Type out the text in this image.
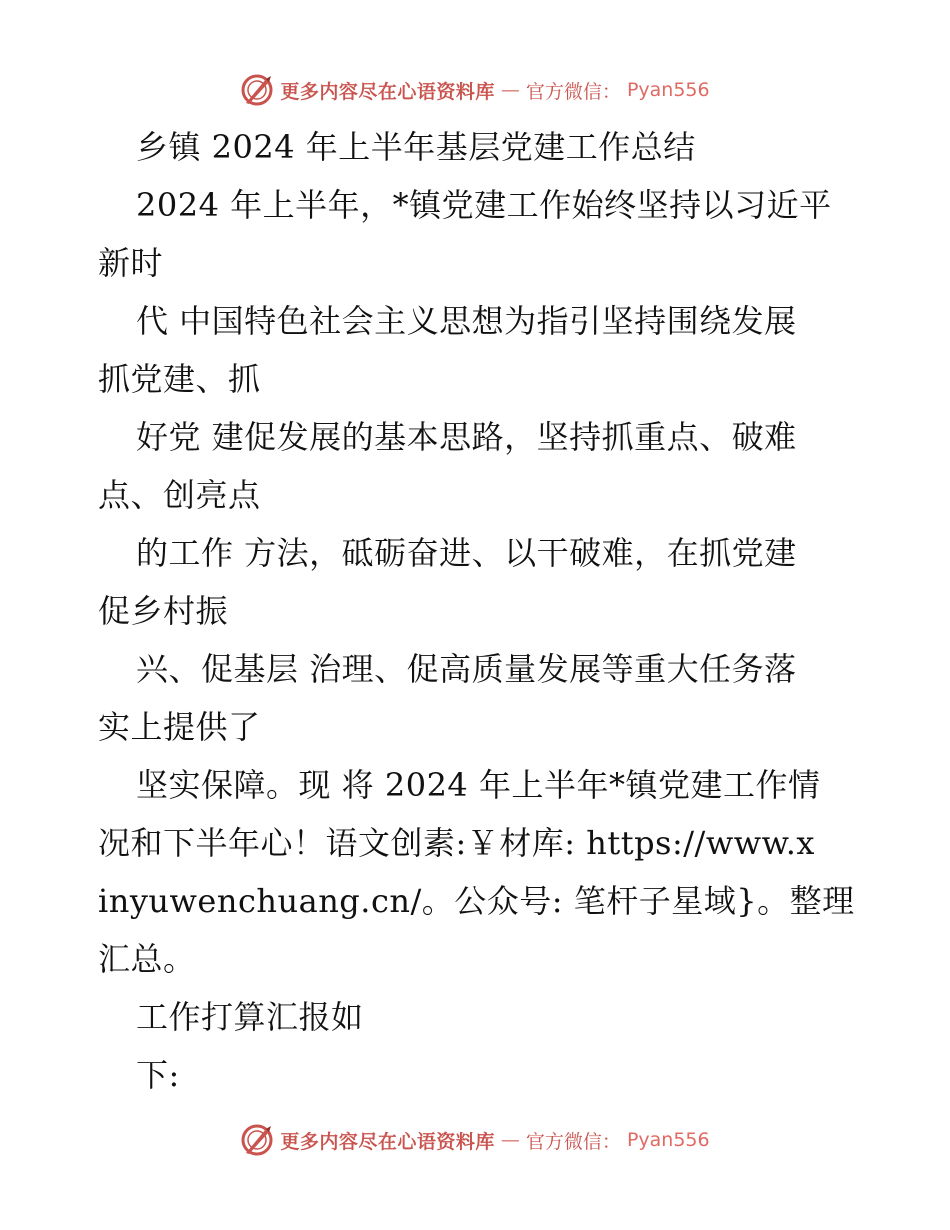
更多内容尽在心语资料库 — 官方微信： Pyan556
乡镇 2024 年上半年基层党建工作总结
2024 年上半年，*镇党建工作始终坚持以习近平
新时
代 中国特色社会主义思想为指引坚持围绕发展
抓党建、抓
好党 建促发展的基本思路，坚持抓重点、破难
点、创亮点
的工作 方法，砥砺奋进、以干破难，在抓党建
促乡村振
兴、促基层 治理、促高质量发展等重大任务落
实上提供了
坚实保障。现 将 2024 年上半年*镇党建工作情
况和下半年心！语文创素:￥材库: https://www.x
inyuwenchuang.cn/。公众号: 笔杆子星域}。整理
汇总。
工作打算汇报如
下:
更多内容尽在心语资料库 — 官方微信： Pyan556
